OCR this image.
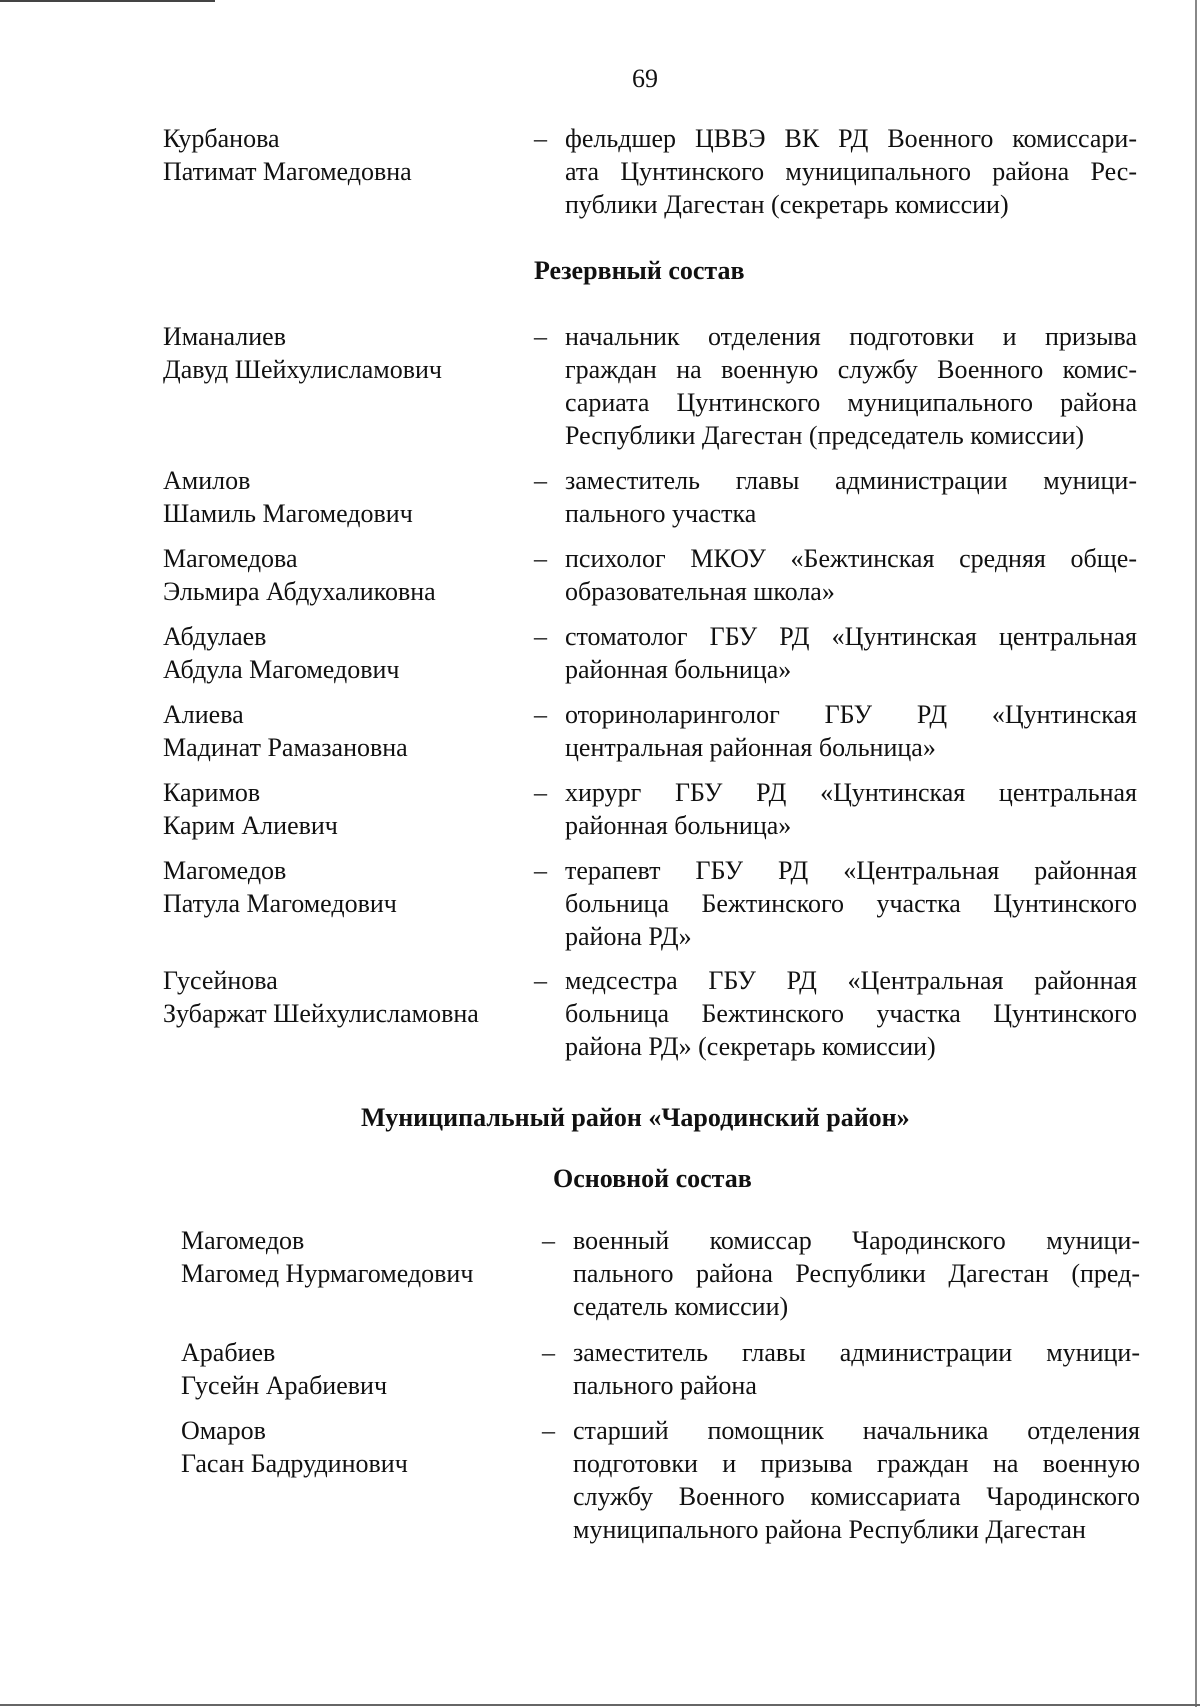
69
Курбанова
Патимат Магомедовна
– фельдшер ЦВВЭ ВК РД Военного комиссари-
ата Цунтинского муниципального района Рес-
публики Дагестан (секретарь комиссии)
Резервный состав
Иманалиев
Давуд Шейхулисламович
– начальник отделения подготовки и призыва
граждан на военную службу Военного комис-
сариата Цунтинского муниципального района
Республики Дагестан (председатель комиссии)
Амилов
Шамиль Магомедович
– заместитель главы администрации муници-
пального участка
Магомедова
Эльмира Абдухаликовна
– психолог МКОУ «Бежтинская средняя обще-
образовательная школа»
Абдулаев
Абдула Магомедович
– стоматолог ГБУ РД «Цунтинская центральная
районная больница»
Алиева
Мадинат Рамазановна
– оториноларинголог ГБУ РД «Цунтинская
центральная районная больница»
Каримов
Карим Алиевич
– хирург ГБУ РД «Цунтинская центральная
районная больница»
Магомедов
Патула Магомедович
– терапевт ГБУ РД «Центральная районная
больница Бежтинского участка Цунтинского
района РД»
Гусейнова
Зубаржат Шейхулисламовна
– медсестра ГБУ РД «Центральная районная
больница Бежтинского участка Цунтинского
района РД» (секретарь комиссии)
Муниципальный район «Чародинский район»
Основной состав
Магомедов
Магомед Нурмагомедович
– военный комиссар Чародинского муници-
пального района Республики Дагестан (пред-
седатель комиссии)
Арабиев
Гусейн Арабиевич
– заместитель главы администрации муници-
пального района
Омаров
Гасан Бадрудинович
– старший помощник начальника отделения
подготовки и призыва граждан на военную
службу Военного комиссариата Чародинского
муниципального района Республики Дагестан
